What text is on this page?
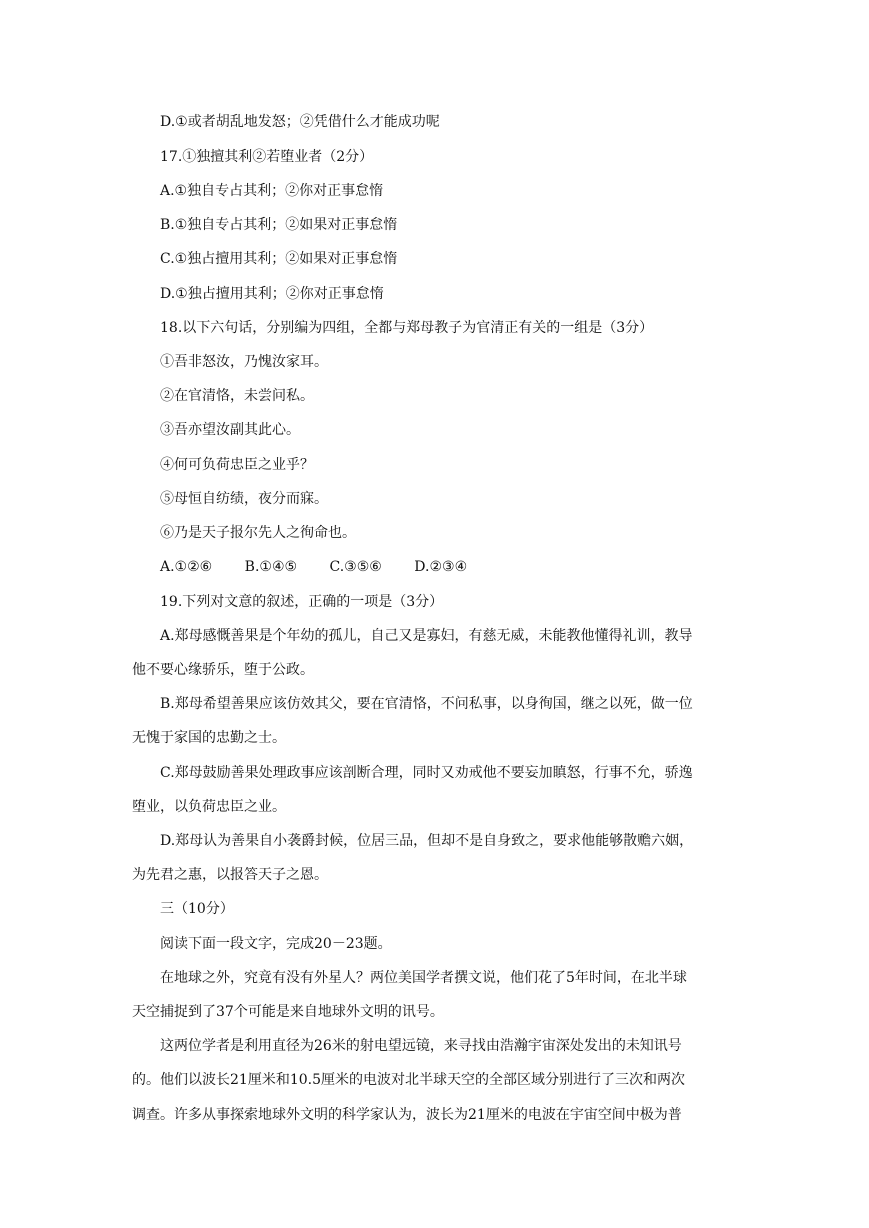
D.①或者胡乱地发怒；②凭借什么才能成功呢
17.①独擅其利②若堕业者（2分）
A.①独自专占其利；②你对正事怠惰
B.①独自专占其利；②如果对正事怠惰
C.①独占擅用其利；②如果对正事怠惰
D.①独占擅用其利；②你对正事怠惰
18.以下六句话，分别编为四组，全都与郑母教子为官清正有关的一组是（3分）
①吾非怒汝，乃愧汝家耳。
②在官清恪，未尝问私。
③吾亦望汝副其此心。
④何可负荷忠臣之业乎？
⑤母恒自纺绩，夜分而寐。
⑥乃是天子报尔先人之徇命也。
A.①②⑥ B.①④⑤ C.③⑤⑥ D.②③④
19.下列对文意的叙述，正确的一项是（3分）
A.郑母感慨善果是个年幼的孤儿，自己又是寡妇，有慈无威，未能教他懂得礼训，教导
他不要心缘骄乐，堕于公政。
B.郑母希望善果应该仿效其父，要在官清恪，不问私事，以身徇国，继之以死，做一位
无愧于家国的忠勤之士。
C.郑母鼓励善果处理政事应该剖断合理，同时又劝戒他不要妄加瞋怒，行事不允，骄逸
堕业，以负荷忠臣之业。
D.郑母认为善果自小袭爵封候，位居三品，但却不是自身致之，要求他能够散赡六姻，
为先君之惠，以报答天子之恩。
三（10分）
阅读下面一段文字，完成20－23题。
在地球之外，究竟有没有外星人？两位美国学者撰文说，他们花了5年时间，在北半球
天空捕捉到了37个可能是来自地球外文明的讯号。
这两位学者是利用直径为26米的射电望远镜，来寻找由浩瀚宇宙深处发出的未知讯号
的。他们以波长21厘米和10.5厘米的电波对北半球天空的全部区域分别进行了三次和两次
调查。许多从事探索地球外文明的科学家认为，波长为21厘米的电波在宇宙空间中极为普
